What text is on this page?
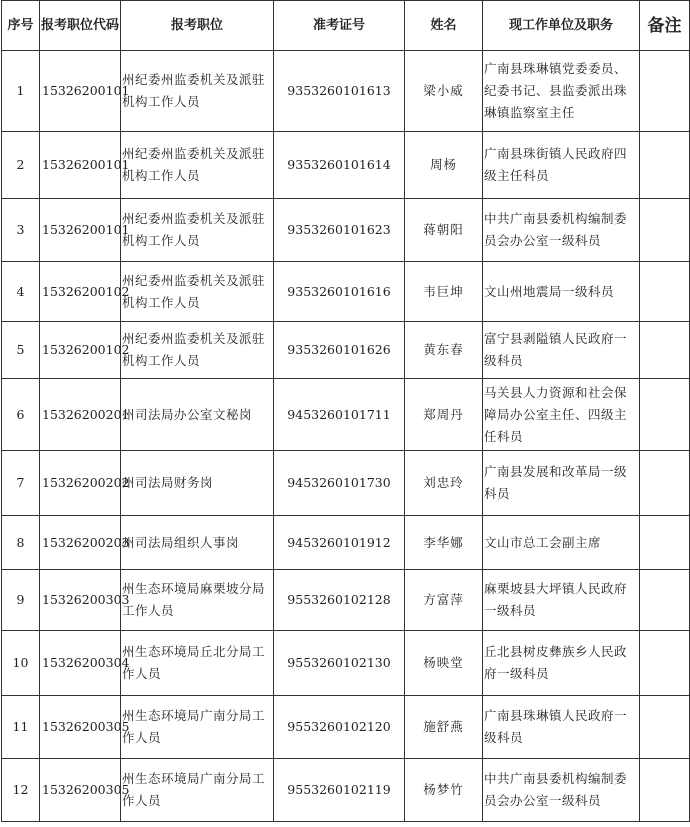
序号	报考职位代码	报考职位	准考证号	姓名	现工作单位及职务	备注
1	15326200101	州纪委州监委机关及派驻机构工作人员	9353260101613	梁小威	广南县珠琳镇党委委员、纪委书记、县监委派出珠琳镇监察室主任	
2	15326200101	州纪委州监委机关及派驻机构工作人员	9353260101614	周杨	广南县珠街镇人民政府四级主任科员	
3	15326200101	州纪委州监委机关及派驻机构工作人员	9353260101623	蒋朝阳	中共广南县委机构编制委员会办公室一级科员	
4	15326200102	州纪委州监委机关及派驻机构工作人员	9353260101616	韦巨坤	文山州地震局一级科员	
5	15326200102	州纪委州监委机关及派驻机构工作人员	9353260101626	黄东春	富宁县剥隘镇人民政府一级科员	
6	15326200201	州司法局办公室文秘岗	9453260101711	郑周丹	马关县人力资源和社会保障局办公室主任、四级主任科员	
7	15326200202	州司法局财务岗	9453260101730	刘忠玲	广南县发展和改革局一级科员	
8	15326200203	州司法局组织人事岗	9453260101912	李华娜	文山市总工会副主席	
9	15326200303	州生态环境局麻栗坡分局工作人员	9553260102128	方富萍	麻栗坡县大坪镇人民政府一级科员	
10	15326200304	州生态环境局丘北分局工作人员	9553260102130	杨映堂	丘北县树皮彝族乡人民政府一级科员	
11	15326200305	州生态环境局广南分局工作人员	9553260102120	施舒燕	广南县珠琳镇人民政府一级科员	
12	15326200305	州生态环境局广南分局工作人员	9553260102119	杨梦竹	中共广南县委机构编制委员会办公室一级科员	
